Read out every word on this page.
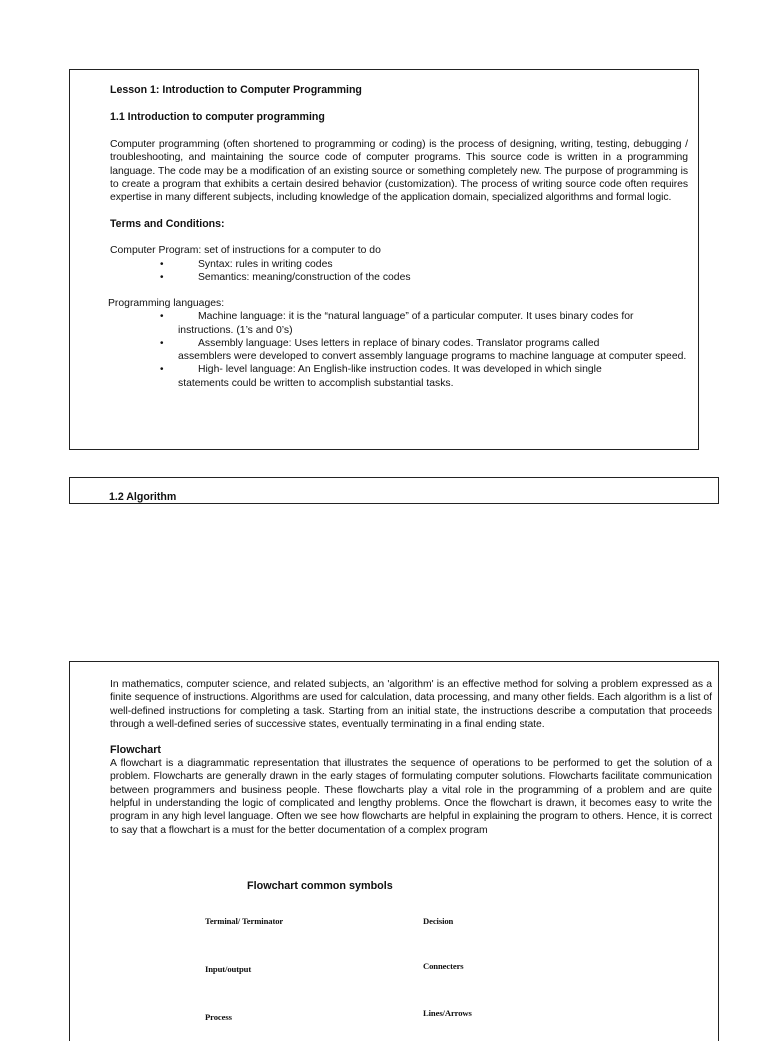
Lesson 1: Introduction to Computer Programming
1.1 Introduction to computer programming

Computer programming (often shortened to programming or coding) is the process of designing, writing, testing, debugging / troubleshooting, and maintaining the source code of computer programs. This source code is written in a programming language. The code may be a modification of an existing source or something completely new. The purpose of programming is to create a program that exhibits a certain desired behavior (customization). The process of writing source code often requires expertise in many different subjects, including knowledge of the application domain, specialized algorithms and formal logic.

Terms and Conditions:
Computer Program: set of instructions for a computer to do
•	Syntax: rules in writing codes
•	Semantics: meaning/construction of the codes
Programming languages:
•	Machine language: it is the “natural language” of a particular computer. It uses binary codes for
instructions. (1’s and 0’s)
•	Assembly language: Uses letters in replace of binary codes. Translator programs called
assemblers were developed to convert assembly language programs to machine language at computer speed.
•	High- level language: An English-like instruction codes. It was developed in which single
statements could be written to accomplish substantial tasks.
1.2 Algorithm

In mathematics, computer science, and related subjects, an 'algorithm' is an effective method for solving a problem expressed as a finite sequence of instructions. Algorithms are used for calculation, data processing, and many other fields. Each algorithm is a list of well-defined instructions for completing a task. Starting from an initial state, the instructions describe a computation that proceeds through a well-defined series of successive states, eventually terminating in a final ending state.

Flowchart

A flowchart is a diagrammatic representation that illustrates the sequence of operations to be performed to get the solution of a problem. Flowcharts are generally drawn in the early stages of formulating computer solutions. Flowcharts facilitate communication between programmers and business people. These flowcharts play a vital role in the programming of a problem and are quite helpful in understanding the logic of complicated and lengthy problems. Once the flowchart is drawn, it becomes easy to write the program in any high level language. Often we see how flowcharts are helpful in explaining the program to others. Hence, it is correct to say that a flowchart is a must for the better documentation of a complex program

Flowchart common symbols
Terminal/ Terminator	Decision
Input/output	Connecters
Process	Lines/Arrows
